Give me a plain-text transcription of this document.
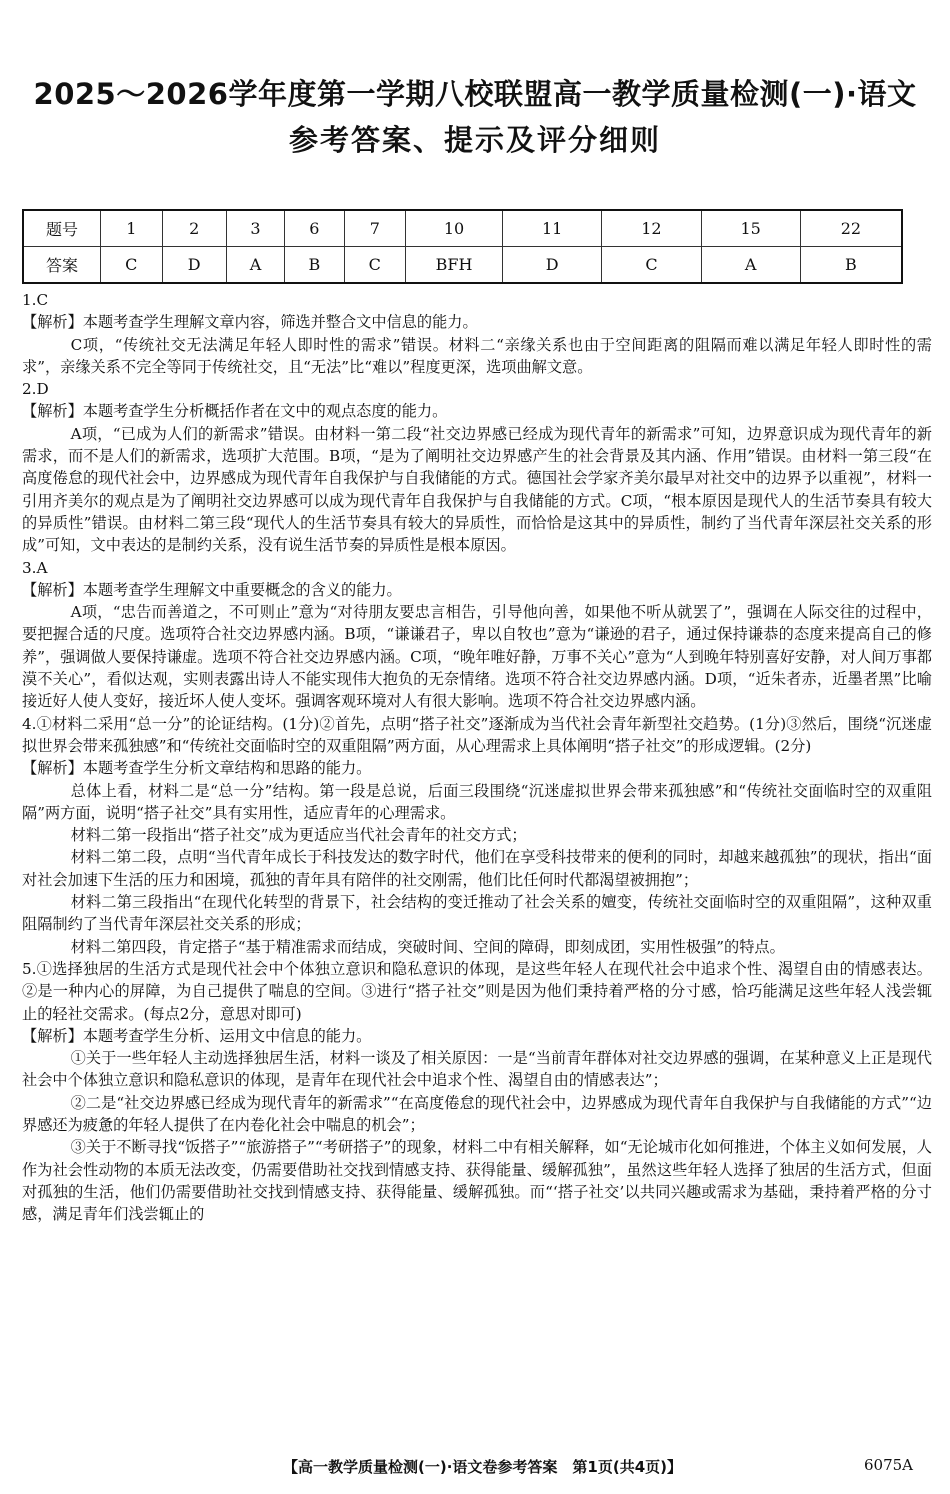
2025～2026学年度第一学期八校联盟高一教学质量检测(一)·语文
参考答案、提示及评分细则
题号	1	2	3	6	7	10	11	12	15	22
答案	C	D	A	B	C	BFH	D	C	A	B

1.C

【解析】本题考查学生理解文章内容，筛选并整合文中信息的能力。

C项，“传统社交无法满足年轻人即时性的需求”错误。材料二“亲缘关系也由于空间距离的阻隔而难以满足年轻人即时性的需求”，亲缘关系不完全等同于传统社交，且“无法”比“难以”程度更深，选项曲解文意。

2.D

【解析】本题考查学生分析概括作者在文中的观点态度的能力。

A项，“已成为人们的新需求”错误。由材料一第二段“社交边界感已经成为现代青年的新需求”可知，边界意识成为现代青年的新需求，而不是人们的新需求，选项扩大范围。B项，“是为了阐明社交边界感产生的社会背景及其内涵、作用”错误。由材料一第三段“在高度倦怠的现代社会中，边界感成为现代青年自我保护与自我储能的方式。德国社会学家齐美尔最早对社交中的边界予以重视”，材料一引用齐美尔的观点是为了阐明社交边界感可以成为现代青年自我保护与自我储能的方式。C项，“根本原因是现代人的生活节奏具有较大的异质性”错误。由材料二第三段“现代人的生活节奏具有较大的异质性，而恰恰是这其中的异质性，制约了当代青年深层社交关系的形成”可知，文中表达的是制约关系，没有说生活节奏的异质性是根本原因。

3.A

【解析】本题考查学生理解文中重要概念的含义的能力。

A项，“忠告而善道之，不可则止”意为“对待朋友要忠言相告，引导他向善，如果他不听从就罢了”，强调在人际交往的过程中，要把握合适的尺度。选项符合社交边界感内涵。B项，“谦谦君子，卑以自牧也”意为“谦逊的君子，通过保持谦恭的态度来提高自己的修养”，强调做人要保持谦虚。选项不符合社交边界感内涵。C项，“晚年唯好静，万事不关心”意为“人到晚年特别喜好安静，对人间万事都漠不关心”，看似达观，实则表露出诗人不能实现伟大抱负的无奈情绪。选项不符合社交边界感内涵。D项，“近朱者赤，近墨者黑”比喻接近好人使人变好，接近坏人使人变坏。强调客观环境对人有很大影响。选项不符合社交边界感内涵。

4.①材料二采用“总一分”的论证结构。(1分)②首先，点明“搭子社交”逐渐成为当代社会青年新型社交趋势。(1分)③然后，围绕“沉迷虚拟世界会带来孤独感”和“传统社交面临时空的双重阻隔”两方面，从心理需求上具体阐明“搭子社交”的形成逻辑。(2分)

【解析】本题考查学生分析文章结构和思路的能力。

总体上看，材料二是“总一分”结构。第一段是总说，后面三段围绕“沉迷虚拟世界会带来孤独感”和“传统社交面临时空的双重阻隔”两方面，说明“搭子社交”具有实用性，适应青年的心理需求。

材料二第一段指出“搭子社交”成为更适应当代社会青年的社交方式；

材料二第二段，点明“当代青年成长于科技发达的数字时代，他们在享受科技带来的便利的同时，却越来越孤独”的现状，指出“面对社会加速下生活的压力和困境，孤独的青年具有陪伴的社交刚需，他们比任何时代都渴望被拥抱”；

材料二第三段指出“在现代化转型的背景下，社会结构的变迁推动了社会关系的嬗变，传统社交面临时空的双重阻隔”，这种双重阻隔制约了当代青年深层社交关系的形成；

材料二第四段，肯定搭子“基于精准需求而结成，突破时间、空间的障碍，即刻成团，实用性极强”的特点。

5.①选择独居的生活方式是现代社会中个体独立意识和隐私意识的体现，是这些年轻人在现代社会中追求个性、渴望自由的情感表达。②是一种内心的屏障，为自己提供了喘息的空间。③进行“搭子社交”则是因为他们秉持着严格的分寸感，恰巧能满足这些年轻人浅尝辄止的轻社交需求。(每点2分，意思对即可)

【解析】本题考查学生分析、运用文中信息的能力。

①关于一些年轻人主动选择独居生活，材料一谈及了相关原因：一是“当前青年群体对社交边界感的强调，在某种意义上正是现代社会中个体独立意识和隐私意识的体现，是青年在现代社会中追求个性、渴望自由的情感表达”；

②二是“社交边界感已经成为现代青年的新需求”“在高度倦怠的现代社会中，边界感成为现代青年自我保护与自我储能的方式”“边界感还为疲惫的年轻人提供了在内卷化社会中喘息的机会”；

③关于不断寻找“饭搭子”“旅游搭子”“考研搭子”的现象，材料二中有相关解释，如“无论城市化如何推进，个体主义如何发展，人作为社会性动物的本质无法改变，仍需要借助社交找到情感支持、获得能量、缓解孤独”，虽然这些年轻人选择了独居的生活方式，但面对孤独的生活，他们仍需要借助社交找到情感支持、获得能量、缓解孤独。而“‘搭子社交’以共同兴趣或需求为基础，秉持着严格的分寸感，满足青年们浅尝辄止的

【高一教学质量检测(一)·语文卷参考答案　第1页(共4页)】	6075A
